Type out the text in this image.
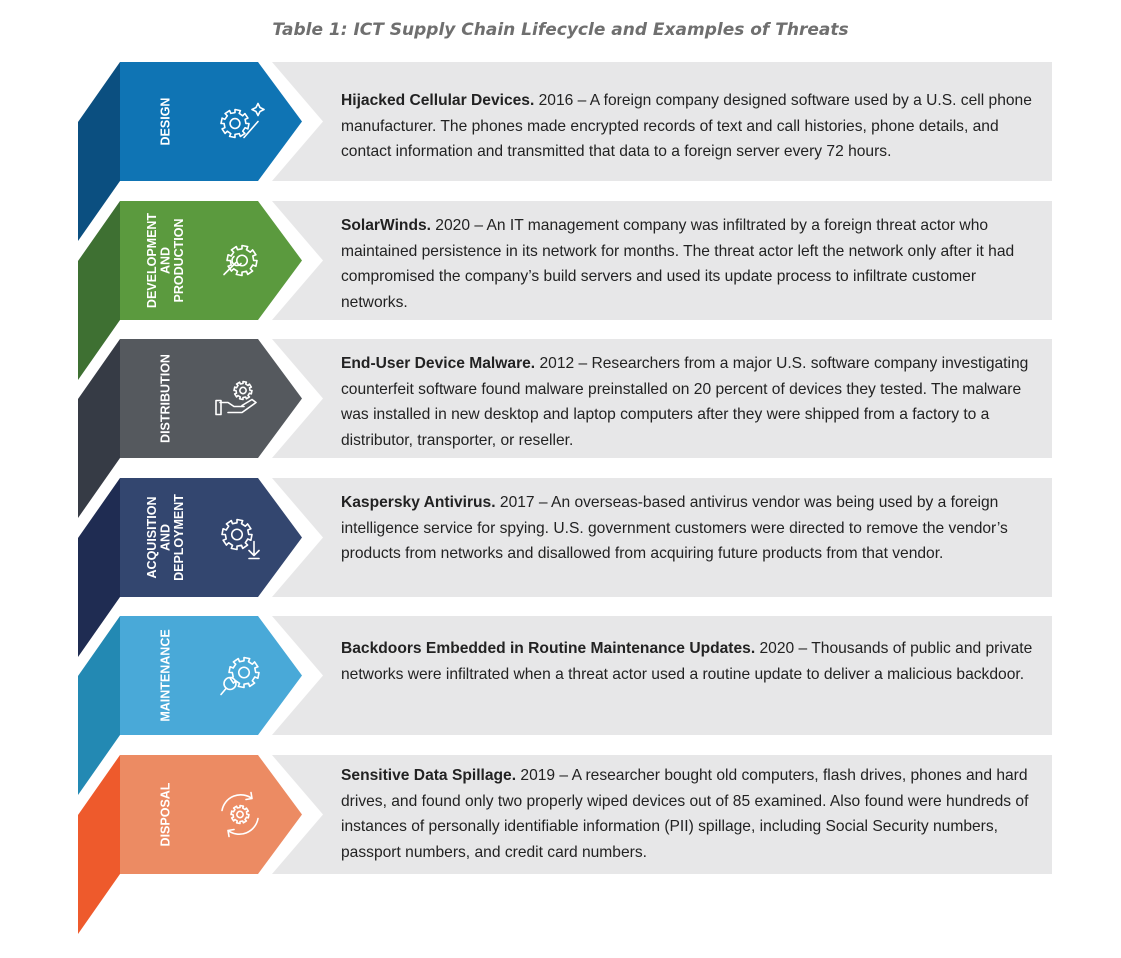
Table 1: ICT Supply Chain Lifecycle and Examples of Threats
DESIGN
DEVELOPMENTANDPRODUCTION
DISTRIBUTION
ACQUISITIONANDDEPLOYMENT
MAINTENANCE
DISPOSAL
Hijacked Cellular Devices. 2016 – A foreign company designed software used by a U.S. cell phone manufacturer. The phones made encrypted records of text and call histories, phone details, and contact information and transmitted that data to a foreign server every 72 hours.
SolarWinds. 2020 – An IT management company was infiltrated by a foreign threat actor who maintained persistence in its network for months. The threat actor left the network only after it had compromised the company’s build servers and used its update process to infiltrate customer networks.
End-User Device Malware. 2012 – Researchers from a major U.S. software company investigating counterfeit software found malware preinstalled on 20 percent of devices they tested. The malware was installed in new desktop and laptop computers after they were shipped from a factory to a distributor, transporter, or reseller.
Kaspersky Antivirus. 2017 – An overseas-based antivirus vendor was being used by a foreign intelligence service for spying. U.S. government customers were directed to remove the vendor’s products from networks and disallowed from acquiring future products from that vendor.
Backdoors Embedded in Routine Maintenance Updates. 2020 – Thousands of public and private networks were infiltrated when a threat actor used a routine update to deliver a malicious backdoor.
Sensitive Data Spillage. 2019 – A researcher bought old computers, flash drives, phones and hard drives, and found only two properly wiped devices out of 85 examined. Also found were hundreds of instances of personally identifiable information (PII) spillage, including Social Security numbers, passport numbers, and credit card numbers.
